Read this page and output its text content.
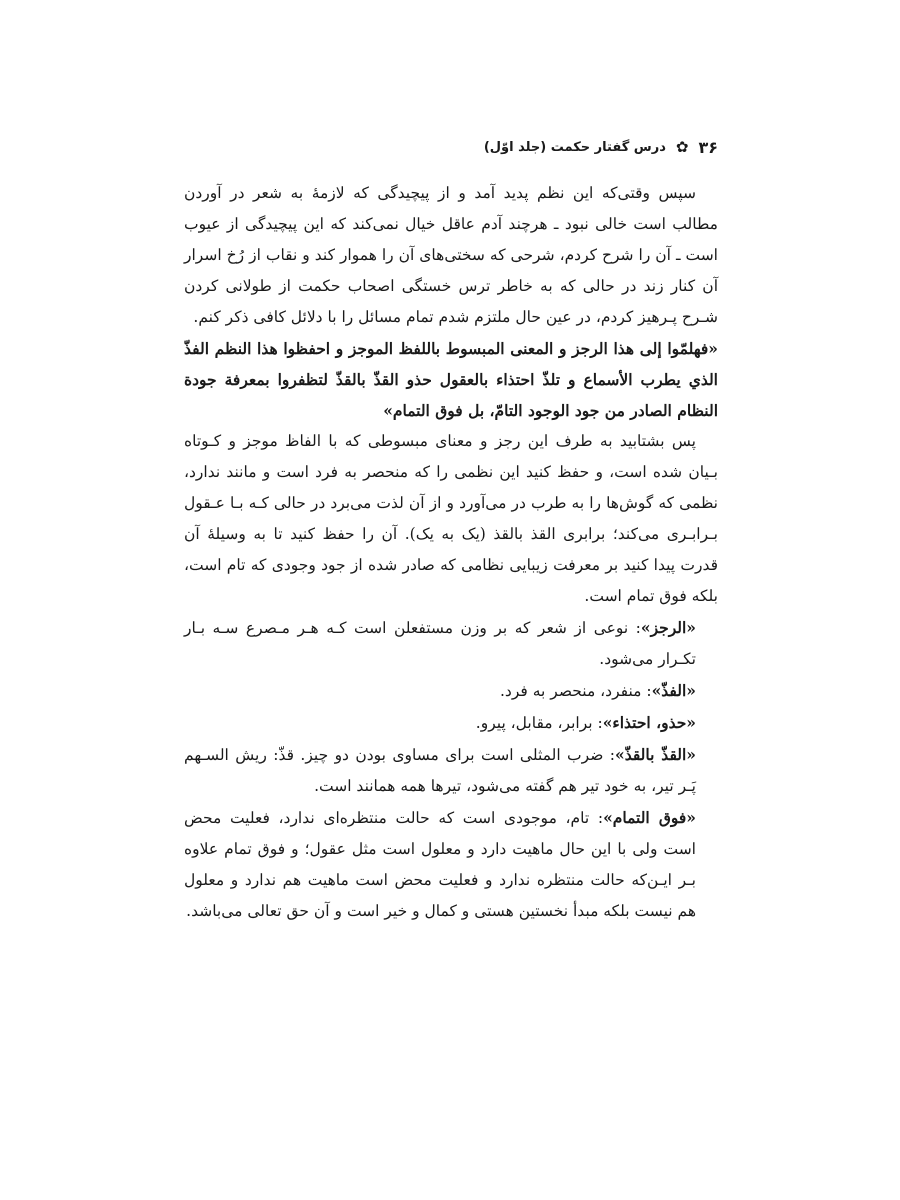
۳۶
✿
درس گفتار حکمت (جلد اوّل)

سپس وقتی‌که این نظم پدید آمد و از پیچیدگی که لازمهٔ به شعر در آوردن مطالب است خالی نبود ـ هرچند آدم عاقل خیال نمی‌کند که این پیچیدگی از عیوب است ـ آن را شرح کردم، شرحی که سختی‌های آن را هموار کند و نقاب از رُخ اسرار آن کنار زند در حالی که به خاطر ترس خستگی اصحاب حکمت از طولانی کردن شـرح پـرهیز کردم، در عین حال ملتزم شدم تمام مسائل را با دلائل کافی ذکر کنم.

«فهلمّوا إلی هذا الرجز و المعنی المبسوط باللفظ الموجز و احفظوا هذا النظم الفذّ الذي یطرب الأسماع و تلذّ احتذاء بالعقول حذو القذّ بالقذّ لتظفروا بمعرفة جودة النظام الصادر من جود الوجود التامّ، بل فوق التمام»

پس بشتابید به طرف این رجز و معنای مبسوطی که با الفاظ موجز و کـوتاه بـیان شده است، و حفظ کنید این نظمی را که منحصر به فرد است و مانند ندارد، نظمی که گوش‌ها را به طرب در می‌آورد و از آن لذت می‌برد در حالی کـه بـا عـقول بـرابـری می‌کند؛ برابری القذ بالقذ (یک به یک). آن را حفظ کنید تا به وسیلهٔ آن قدرت پیدا کنید بر معرفت زیبایی نظامی که صادر شده از جود وجودی که تام است، بلکه فوق تمام است.

«الرجز»: نوعی از شعر که بر وزن مستفعلن است کـه هـر مـصرع سـه بـار تکـرار می‌شود.

«الفذّ»: منفرد، منحصر به فرد.

«حذو، احتذاء»: برابر، مقابل، پیرو.

«القذّ بالقذّ»: ضرب المثلی است برای مساوی بودن دو چیز. قذّ: ریش السـهم پَـر تیر، به خود تیر هم گفته می‌شود، تیرها همه همانند است.

«فوق التمام»: تام، موجودی است که حالت منتظره‌ای ندارد، فعلیت محض است ولی با این حال ماهیت دارد و معلول است مثل عقول؛ و فوق تمام علاوه بـر ایـن‌که حالت منتظره ندارد و فعلیت محض است ماهیت هم ندارد و معلول هم نیست بلکه مبدأ نخستین هستی و کمال و خیر است و آن حق تعالی می‌باشد.
